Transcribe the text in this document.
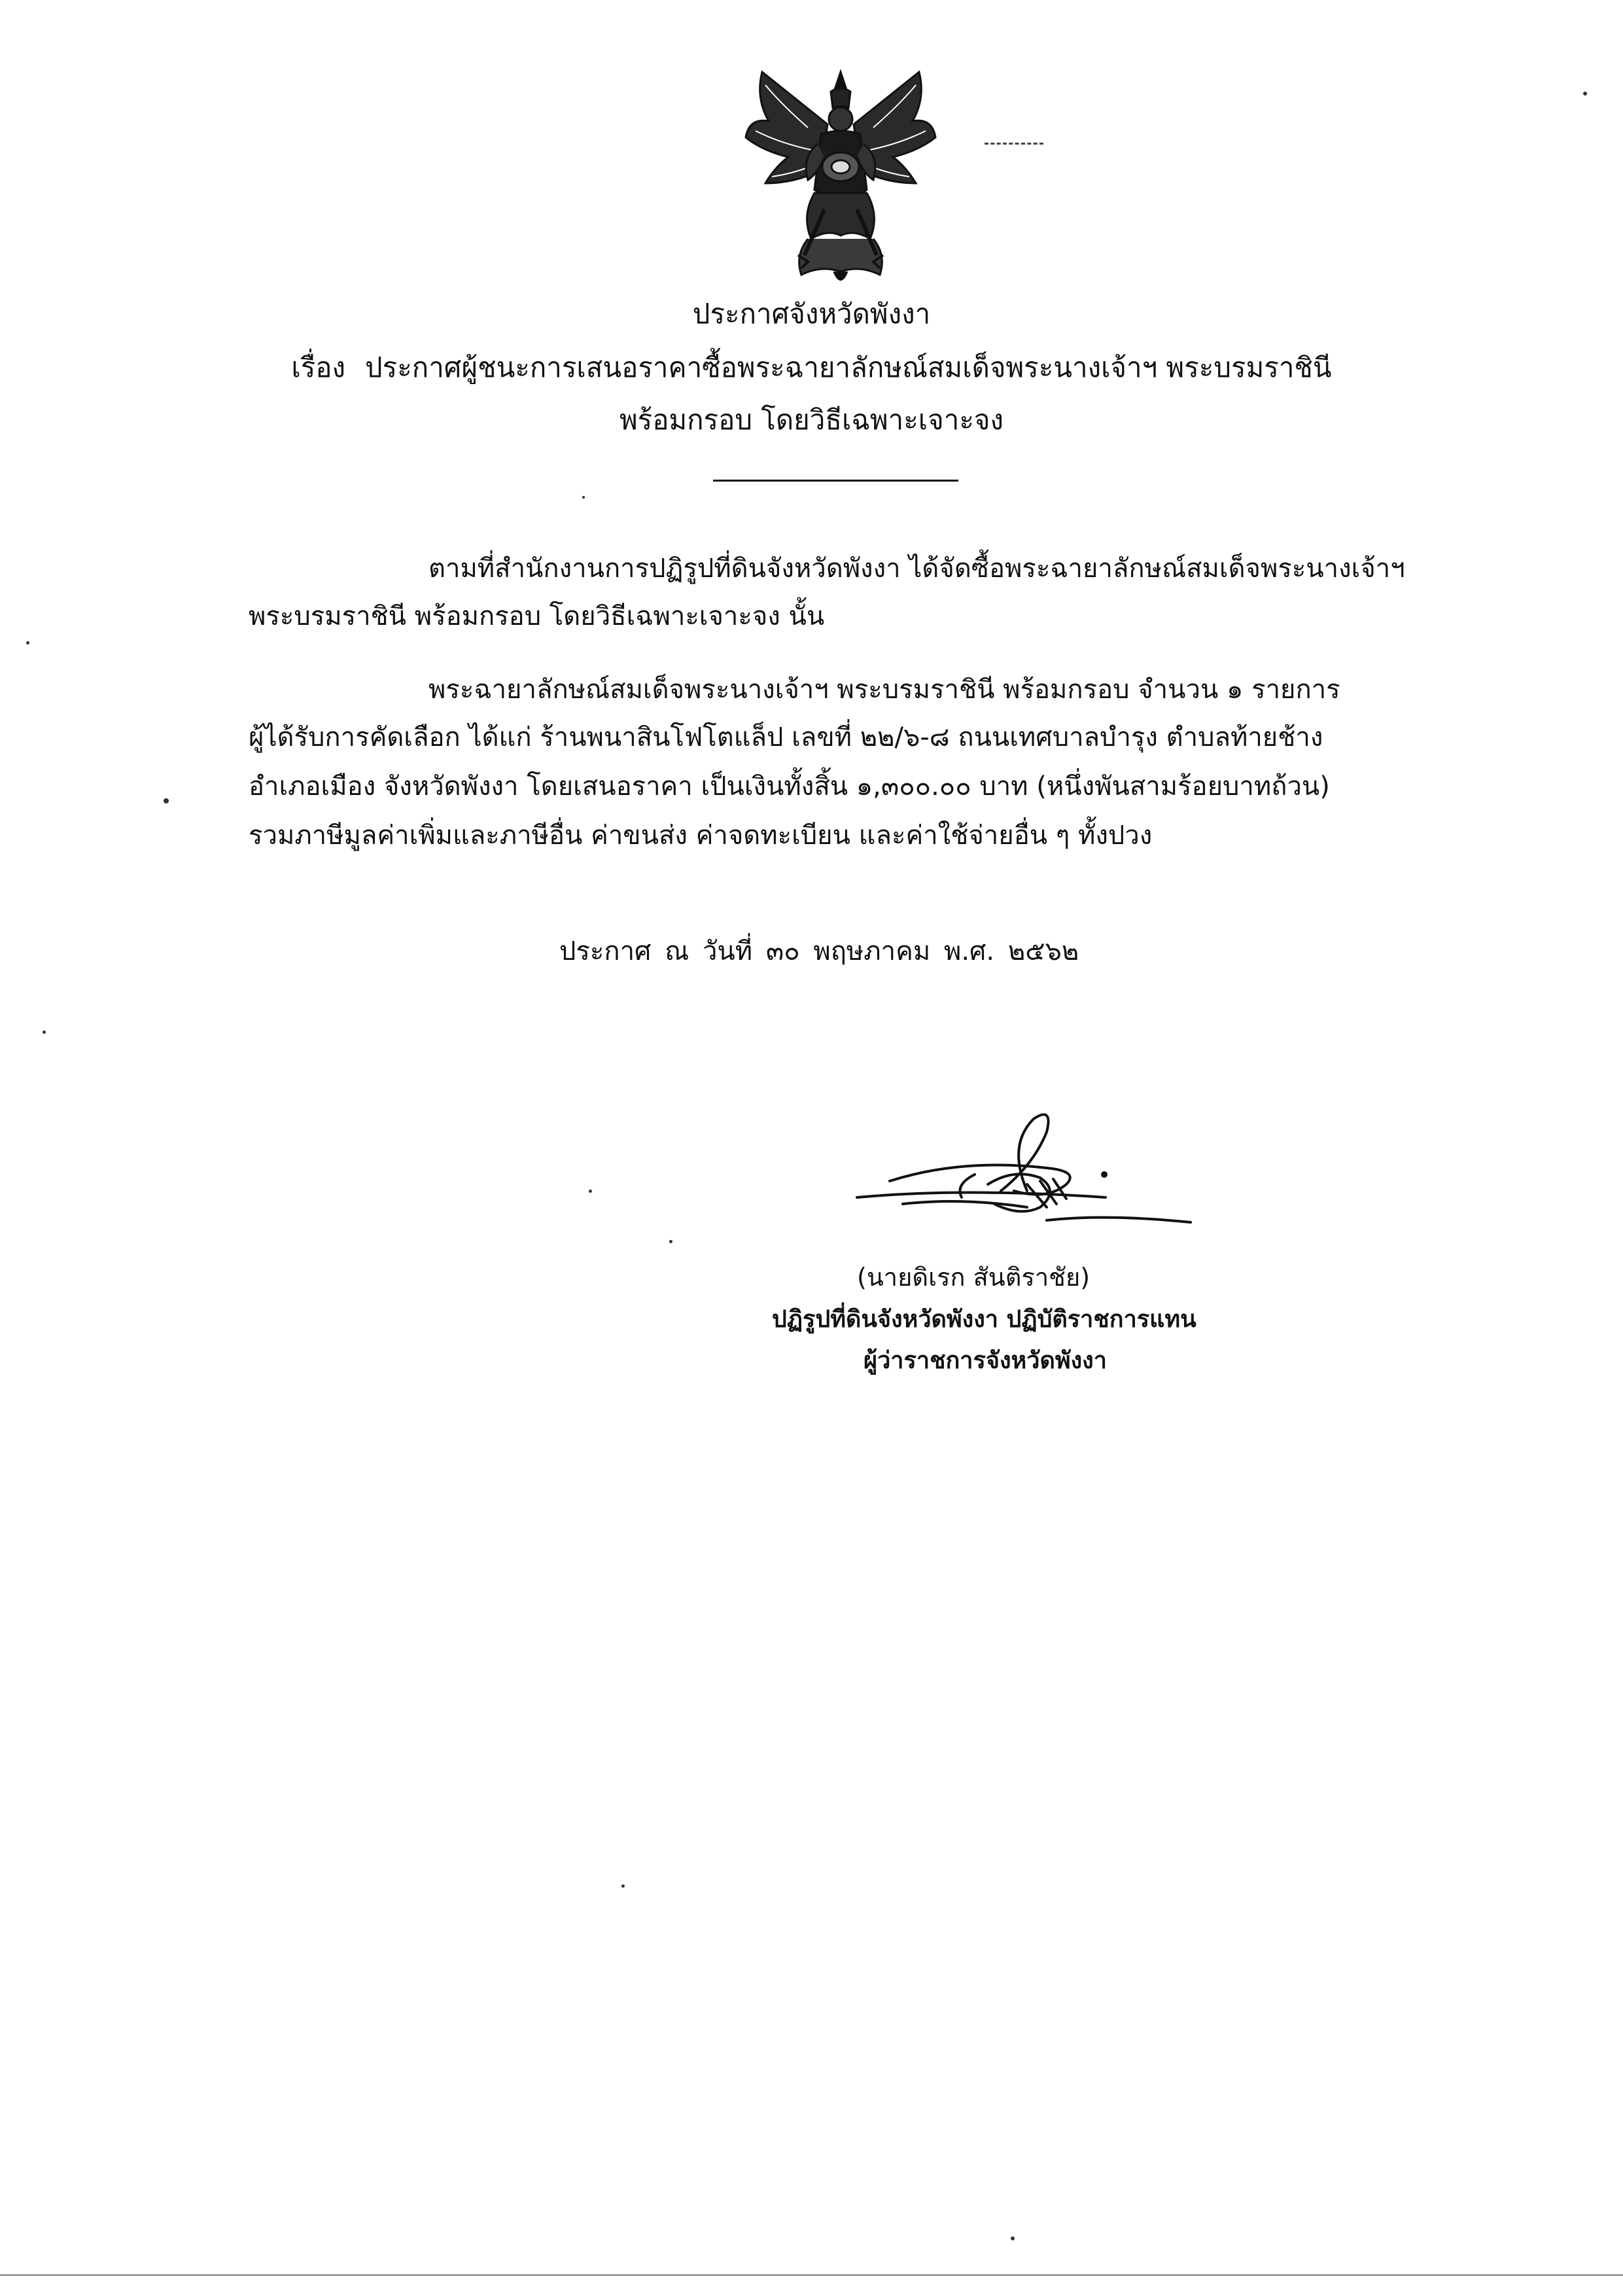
ประกาศจังหวัดพังงา
เรื่อง ประกาศผู้ชนะการเสนอราคาซื้อพระฉายาลักษณ์สมเด็จพระนางเจ้าฯ พระบรมราชินี
พร้อมกรอบ โดยวิธีเฉพาะเจาะจง
ตามที่สำนักงานการปฏิรูปที่ดินจังหวัดพังงา ได้จัดซื้อพระฉายาลักษณ์สมเด็จพระนางเจ้าฯ
พระบรมราชินี พร้อมกรอบ โดยวิธีเฉพาะเจาะจง นั้น
พระฉายาลักษณ์สมเด็จพระนางเจ้าฯ พระบรมราชินี พร้อมกรอบ จำนวน ๑ รายการ
ผู้ได้รับการคัดเลือก ได้แก่ ร้านพนาสินโฟโตแล็ป เลขที่ ๒๒/๖-๘ ถนนเทศบาลบำรุง ตำบลท้ายช้าง
อำเภอเมือง จังหวัดพังงา โดยเสนอราคา เป็นเงินทั้งสิ้น ๑,๓๐๐.๐๐ บาท (หนึ่งพันสามร้อยบาทถ้วน)
รวมภาษีมูลค่าเพิ่มและภาษีอื่น ค่าขนส่ง ค่าจดทะเบียน และค่าใช้จ่ายอื่น ๆ ทั้งปวง
ประกาศ ณ วันที่ ๓๐ พฤษภาคม พ.ศ. ๒๕๖๒
(นายดิเรก สันติราชัย)
ปฏิรูปที่ดินจังหวัดพังงา ปฏิบัติราชการแทน
ผู้ว่าราชการจังหวัดพังงา
